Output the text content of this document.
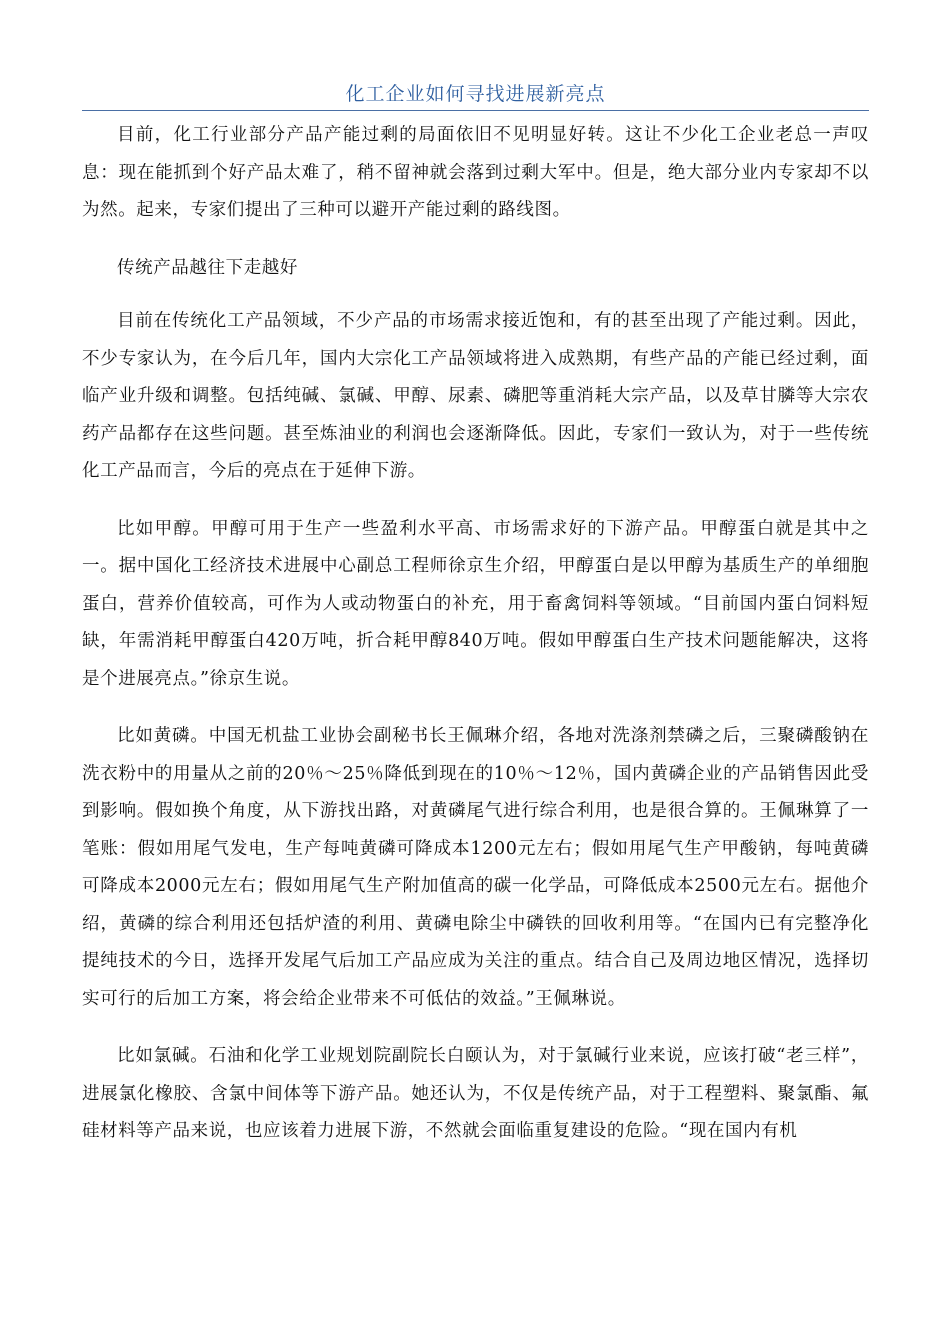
化工企业如何寻找进展新亮点

目前，化工行业部分产品产能过剩的局面依旧不见明显好转。这让不少化工企业老总一声叹息：现在能抓到个好产品太难了，稍不留神就会落到过剩大军中。但是，绝大部分业内专家却不以为然。起来，专家们提出了三种可以避开产能过剩的路线图。

传统产品越往下走越好

目前在传统化工产品领域，不少产品的市场需求接近饱和，有的甚至出现了产能过剩。因此，不少专家认为，在今后几年，国内大宗化工产品领域将进入成熟期，有些产品的产能已经过剩，面临产业升级和调整。包括纯碱、氯碱、甲醇、尿素、磷肥等重消耗大宗产品，以及草甘膦等大宗农药产品都存在这些问题。甚至炼油业的利润也会逐渐降低。因此，专家们一致认为，对于一些传统化工产品而言，今后的亮点在于延伸下游。

比如甲醇。甲醇可用于生产一些盈利水平高、市场需求好的下游产品。甲醇蛋白就是其中之一。据中国化工经济技术进展中心副总工程师徐京生介绍，甲醇蛋白是以甲醇为基质生产的单细胞蛋白，营养价值较高，可作为人或动物蛋白的补充，用于畜禽饲料等领域。“目前国内蛋白饲料短缺，年需消耗甲醇蛋白420万吨，折合耗甲醇840万吨。假如甲醇蛋白生产技术问题能解决，这将是个进展亮点。”徐京生说。

比如黄磷。中国无机盐工业协会副秘书长王佩琳介绍，各地对洗涤剂禁磷之后，三聚磷酸钠在洗衣粉中的用量从之前的20％～25％降低到现在的10％～12％，国内黄磷企业的产品销售因此受到影响。假如换个角度，从下游找出路，对黄磷尾气进行综合利用，也是很合算的。王佩琳算了一笔账：假如用尾气发电，生产每吨黄磷可降成本1200元左右；假如用尾气生产甲酸钠，每吨黄磷可降成本2000元左右；假如用尾气生产附加值高的碳一化学品，可降低成本2500元左右。据他介绍，黄磷的综合利用还包括炉渣的利用、黄磷电除尘中磷铁的回收利用等。“在国内已有完整净化提纯技术的今日，选择开发尾气后加工产品应成为关注的重点。结合自己及周边地区情况，选择切实可行的后加工方案，将会给企业带来不可低估的效益。”王佩琳说。

比如氯碱。石油和化学工业规划院副院长白颐认为，对于氯碱行业来说，应该打破“老三样”，进展氯化橡胶、含氯中间体等下游产品。她还认为，不仅是传统产品，对于工程塑料、聚氯酯、氟硅材料等产品来说，也应该着力进展下游，不然就会面临重复建设的危险。“现在国内有机
